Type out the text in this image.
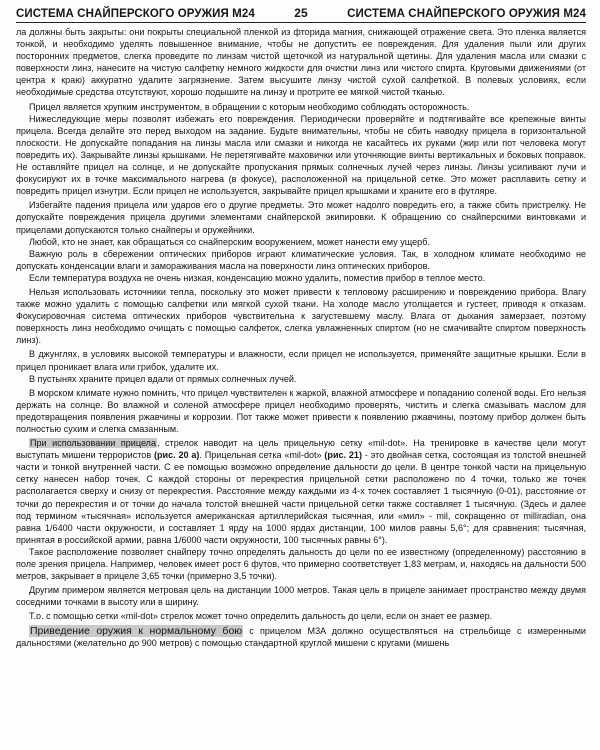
СИСТЕМА СНАЙПЕРСКОГО ОРУЖИЯ M24	25	СИСТЕМА СНАЙПЕРСКОГО ОРУЖИЯ M24

ла должны быть закрыты: они покрыты специальной пленкой из фторида магния, снижающей отражение света. Это пленка является тонкой, и необходимо уделять повышенное внимание, чтобы не допустить ее повреждения. Для удаления пыли или других посторонних предметов, слегка проведите по линзам чистой щеточкой из натуральной щетины. Для удаления масла или смазки с поверхности линз, нанесите на чистую салфетку немного жидкости для очистки линз или чистого спирта. Круговыми движениями (от центра к краю) аккуратно удалите загрязнение. Затем высушите линзу чистой сухой салфеткой. В полевых условиях, если необходимые средства отсутствуют, хорошо подышите на линзу и протрите ее мягкой чистой тканью.

Прицел является хрупким инструментом, в обращении с которым необходимо соблюдать осторожность.

Нижеследующие меры позволят избежать его повреждения. Периодически проверяйте и подтягивайте все крепежные винты прицела. Всегда делайте это перед выходом на задание. Будьте внимательны, чтобы не сбить наводку прицела в горизонтальной плоскости. Не допускайте попадания на линзы масла или смазки и никогда не касайтесь их руками (жир или пот человека могут повредить их). Закрывайте линзы крышками. Не перетягивайте маховички или уточняющие винты вертикальных и боковых поправок. Не оставляйте прицел на солнце, и не допускайте пропускания прямых солнечных лучей через линзы. Линзы усиливают лучи и фокусируют их в точке максимального нагрева (в фокусе), расположенной на прицельной сетке. Это может расплавить сетку и повредить прицел изнутри. Если прицел не используется, закрывайте прицел крышками и храните его в футляре.

Избегайте падения прицела или ударов его о другие предметы. Это может надолго повредить его, а также сбить пристрелку. Не допускайте повреждения прицела другими элементами снайперской экипировки. К обращению со снайперскими винтовками и прицелами допускаются только снайперы и оружейники.

Любой, кто не знает, как обращаться со снайперским вооружением, может нанести ему ущерб.

Важную роль в сбережении оптических приборов играют климатические условия. Так, в холодном климате необходимо не допускать конденсации влаги и замораживания масла на поверхности линз оптических приборов.

Если температура воздуха не очень низкая, конденсацию можно удалить, поместив прибор в теплое место.

Нельзя использовать источники тепла, поскольку это может привести к тепловому расширению и повреждению прибора. Влагу также можно удалить с помощью салфетки или мягкой сухой ткани. На холоде масло утолщается и густеет, приводя к отказам. Фокусировочная система оптических приборов чувствительна к загустевшему маслу. Влага от дыхания замерзает, поэтому поверхность линз необходимо очищать с помощью салфеток, слегка увлажненных спиртом (но не смачивайте спиртом поверхность линз).

В джунглях, в условиях высокой температуры и влажности, если прицел не используется, применяйте защитные крышки. Если в прицел проникает влага или грибок, удалите их.

В пустынях храните прицел вдали от прямых солнечных лучей.

В морском климате нужно помнить, что прицел чувствителен к жаркой, влажной атмосфере и попаданию соленой воды. Его нельзя держать на солнце. Во влажной и соленой атмосфере прицел необходимо проверять, чистить и слегка смазывать маслом для предотвращения появления ржавчины и коррозии. Пот также может привести к появлению ржавчины, поэтому прибор должен быть полностью сухим и слегка смазанным.

При использовании прицела, стрелок наводит на цель прицельную сетку «mil-dot». На тренировке в качестве цели могут выступать мишени террористов (рис. 20 а). Прицельная сетка «mil-dot» (рис. 21) - это двойная сетка, состоящая из толстой внешней части и тонкой внутренней части. С ее помощью возможно определение дальности до цели. В центре тонкой части на прицельную сетку нанесен набор точек. С каждой стороны от перекрестия прицельной сетки расположено по 4 точки, только же точек располагается сверху и снизу от перекрестия. Расстояние между каждыми из 4-х точек составляет 1 тысячную (0-01), расстояние от точки до перекрестия и от точки до начала толстой внешней части прицельной сетки также составляет 1 тысячную. (Здесь и далее под термином «тысячная» используется американская артиллерийская тысячная, или «мил» - mil, сокращенно от milliradian, она равна 1/6400 части окружности, и составляет 1 ярду на 1000 ярдах дистанции, 100 милов равны 5,6°; для сравнения: тысячная, принятая в российской армии, равна 1/6000 части окружности, 100 тысячных равны 6°).

Такое расположение позволяет снайперу точно определять дальность до цели по ее известному (определенному) расстоянию в поле зрения прицела. Например, человек имеет рост 6 футов, что примерно соответствует 1,83 метрам, и, находясь на дальности 500 метров, закрывает в прицеле 3,65 точки (примерно 3,5 точки).

Другим примером является метровая цель на дистанции 1000 метров. Такая цель в прицеле занимает пространство между двумя соседними точками в высоту или в ширину.

Т.о. с помощью сетки «mil-dot» стрелок может точно определить дальность до цели, если он знает ее размер.

Приведение оружия к нормальному бою с прицелом M3A должно осуществляться на стрельбище с измеренными дальностями (желательно до 900 метров) с помощью стандартной круглой мишени с кругами (мишень
